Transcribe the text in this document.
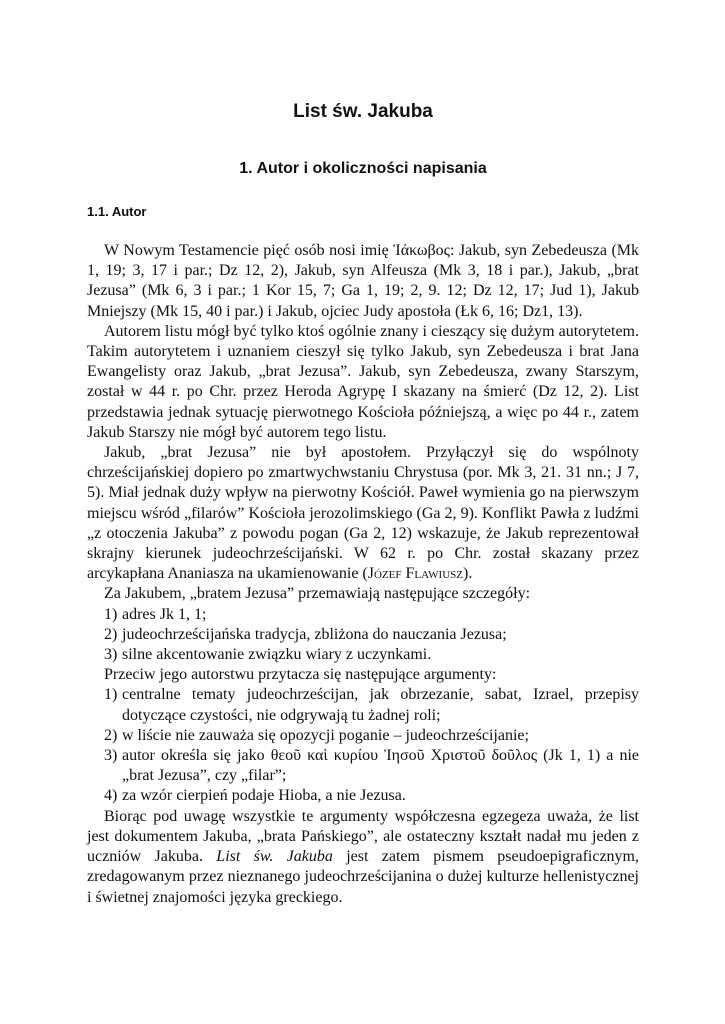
List św. Jakuba
1. Autor i okoliczności napisania
1.1. Autor

W Nowym Testamencie pięć osób nosi imię Ἰάκωβος: Jakub, syn Zebedeusza (Mk 1, 19; 3, 17 i par.; Dz 12, 2), Jakub, syn Alfeusza (Mk 3, 18 i par.), Jakub, „brat Jezusa” (Mk 6, 3 i par.; 1 Kor 15, 7; Ga 1, 19; 2, 9. 12; Dz 12, 17; Jud 1), Jakub Mniejszy (Mk 15, 40 i par.) i Jakub, ojciec Judy apostoła (Łk 6, 16; Dz1, 13).

Autorem listu mógł być tylko ktoś ogólnie znany i cieszący się dużym autorytetem. Takim autorytetem i uznaniem cieszył się tylko Jakub, syn Zebedeusza i brat Jana Ewangelisty oraz Jakub, „brat Jezusa”. Jakub, syn Zebedeusza, zwany Starszym, został w 44 r. po Chr. przez Heroda Agrypę I skazany na śmierć (Dz 12, 2). List przedstawia jednak sytuację pierwotnego Kościoła późniejszą, a więc po 44 r., zatem Jakub Starszy nie mógł być autorem tego listu.

Jakub, „brat Jezusa” nie był apostołem. Przyłączył się do wspólnoty chrześcijańskiej dopiero po zmartwychwstaniu Chrystusa (por. Mk 3, 21. 31 nn.; J 7, 5). Miał jednak duży wpływ na pierwotny Kościół. Paweł wymienia go na pierwszym miejscu wśród „filarów” Kościoła jerozolimskiego (Ga 2, 9). Konflikt Pawła z ludźmi „z otoczenia Jakuba” z powodu pogan (Ga 2, 12) wskazuje, że Jakub reprezentował skrajny kierunek judeochrześcijański. W 62 r. po Chr. został skazany przez arcykapłana Ananiasza na ukamienowanie (Józef Flawiusz).

Za Jakubem, „bratem Jezusa” przemawiają następujące szczegóły:

1) adres Jk 1, 1;
2) judeochrześcijańska tradycja, zbliżona do nauczania Jezusa;
3) silne akcentowanie związku wiary z uczynkami.

Przeciw jego autorstwu przytacza się następujące argumenty:

1) centralne tematy judeochrześcijan, jak obrzezanie, sabat, Izrael, przepisy dotyczące czystości, nie odgrywają tu żadnej roli;
2) w liście nie zauważa się opozycji poganie – judeochrześcijanie;
3) autor określa się jako θεοῦ καὶ κυρίου Ἰησοῦ Χριστοῦ δοῦλος (Jk 1, 1) a nie „brat Jezusa”, czy „filar”;
4) za wzór cierpień podaje Hioba, a nie Jezusa.

Biorąc pod uwagę wszystkie te argumenty współczesna egzegeza uważa, że list jest dokumentem Jakuba, „brata Pańskiego”, ale ostateczny kształt nadał mu jeden z uczniów Jakuba. List św. Jakuba jest zatem pismem pseudoepigraficznym, zredagowanym przez nieznanego judeochrześcijanina o dużej kulturze hellenistycznej i świetnej znajomości języka greckiego.
